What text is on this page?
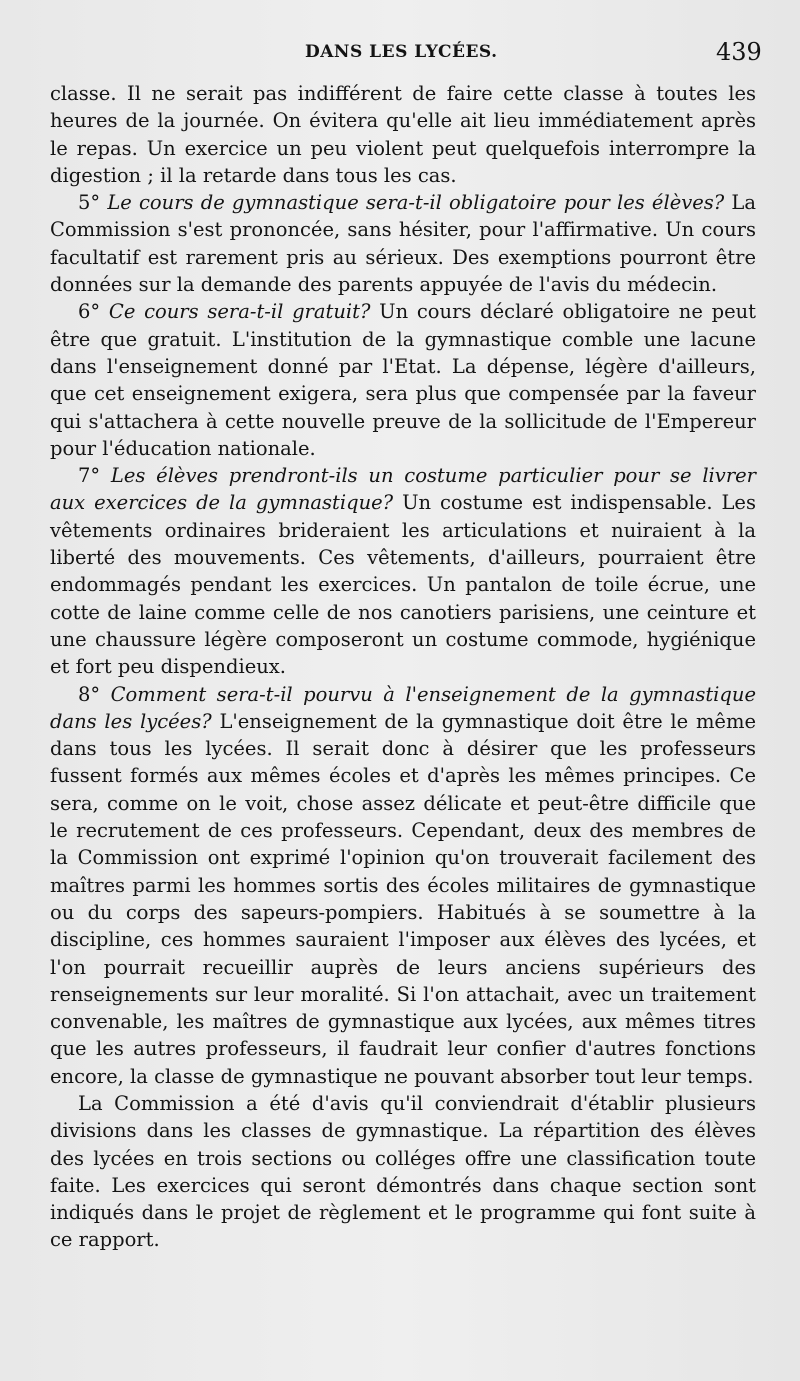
DANS LES LYCÉES.	439

classe. Il ne serait pas indifférent de faire cette classe à toutes les heures de la journée. On évitera qu'elle ait lieu immédiatement après le repas. Un exercice un peu violent peut quelquefois interrompre la digestion ; il la retarde dans tous les cas.

5° Le cours de gymnastique sera-t-il obligatoire pour les élèves? La Commission s'est prononcée, sans hésiter, pour l'affirmative. Un cours facultatif est rarement pris au sérieux. Des exemptions pourront être données sur la demande des parents appuyée de l'avis du médecin.

6° Ce cours sera-t-il gratuit? Un cours déclaré obligatoire ne peut être que gratuit. L'institution de la gymnastique comble une lacune dans l'enseignement donné par l'Etat. La dépense, légère d'ailleurs, que cet enseignement exigera, sera plus que compensée par la faveur qui s'attachera à cette nouvelle preuve de la sollicitude de l'Empereur pour l'éducation nationale.

7° Les élèves prendront-ils un costume particulier pour se livrer aux exercices de la gymnastique? Un costume est indispensable. Les vêtements ordinaires brideraient les articulations et nuiraient à la liberté des mouvements. Ces vêtements, d'ailleurs, pourraient être endommagés pendant les exercices. Un pantalon de toile écrue, une cotte de laine comme celle de nos canotiers parisiens, une ceinture et une chaussure légère composeront un costume commode, hygiénique et fort peu dispendieux.

8° Comment sera-t-il pourvu à l'enseignement de la gymnastique dans les lycées? L'enseignement de la gymnastique doit être le même dans tous les lycées. Il serait donc à désirer que les professeurs fussent formés aux mêmes écoles et d'après les mêmes principes. Ce sera, comme on le voit, chose assez délicate et peut-être difficile que le recrutement de ces professeurs. Cependant, deux des membres de la Commission ont exprimé l'opinion qu'on trouverait facilement des maîtres parmi les hommes sortis des écoles militaires de gymnastique ou du corps des sapeurs-pompiers. Habitués à se soumettre à la discipline, ces hommes sauraient l'imposer aux élèves des lycées, et l'on pourrait recueillir auprès de leurs anciens supérieurs des renseignements sur leur moralité. Si l'on attachait, avec un traitement convenable, les maîtres de gymnastique aux lycées, aux mêmes titres que les autres professeurs, il faudrait leur confier d'autres fonctions encore, la classe de gymnastique ne pouvant absorber tout leur temps.

La Commission a été d'avis qu'il conviendrait d'établir plusieurs divisions dans les classes de gymnastique. La répartition des élèves des lycées en trois sections ou colléges offre une classification toute faite. Les exercices qui seront démontrés dans chaque section sont indiqués dans le projet de règlement et le programme qui font suite à ce rapport.
